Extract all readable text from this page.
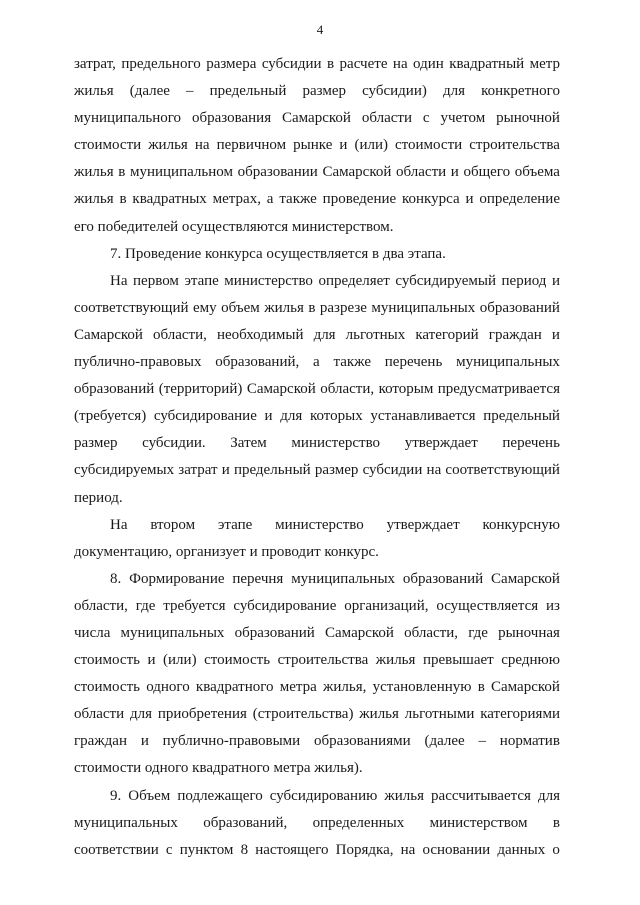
4
затрат, предельного размера субсидии в расчете на один квадратный метр
жилья (далее – предельный размер субсидии) для конкретного
муниципального образования Самарской области с учетом рыночной
стоимости жилья на первичном рынке и (или) стоимости строительства
жилья в муниципальном образовании Самарской области и общего объема
жилья в квадратных метрах, а также проведение конкурса и определение
его победителей осуществляются министерством.
7. Проведение конкурса осуществляется в два этапа.
На первом этапе министерство определяет субсидируемый период и
соответствующий ему объем жилья в разрезе муниципальных образований
Самарской области, необходимый для льготных категорий граждан и
публично-правовых образований, а также перечень муниципальных
образований (территорий) Самарской области, которым предусматривается
(требуется) субсидирование и для которых устанавливается предельный
размер субсидии. Затем министерство утверждает перечень
субсидируемых затрат и предельный размер субсидии на соответствующий
период.
На втором этапе министерство утверждает конкурсную
документацию, организует и проводит конкурс.
8. Формирование перечня муниципальных образований Самарской
области, где требуется субсидирование организаций, осуществляется из
числа муниципальных образований Самарской области, где рыночная
стоимость и (или) стоимость строительства жилья превышает среднюю
стоимость одного квадратного метра жилья, установленную в Самарской
области для приобретения (строительства) жилья льготными категориями
граждан и публично-правовыми образованиями (далее – норматив
стоимости одного квадратного метра жилья).
9. Объем подлежащего субсидированию жилья рассчитывается для
муниципальных образований, определенных министерством в
соответствии с пунктом 8 настоящего Порядка, на основании данных о
